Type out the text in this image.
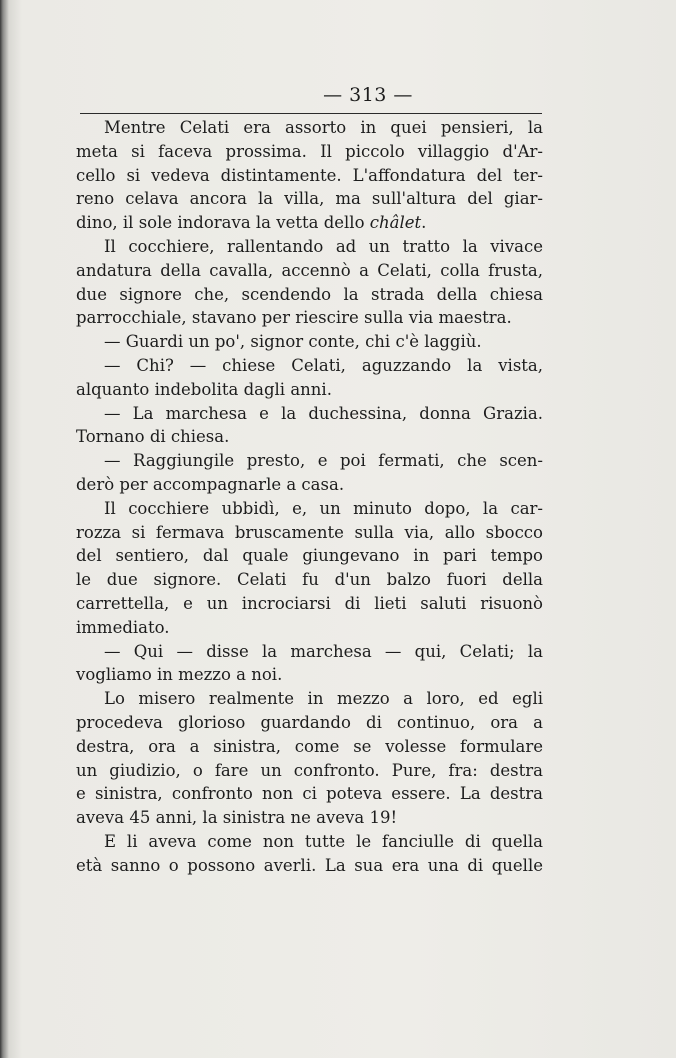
— 313 —
Mentre Celati era assorto in quei pensieri, la
meta si faceva prossima. Il piccolo villaggio d'Ar-
cello si vedeva distintamente. L'affondatura del ter-
reno celava ancora la villa, ma sull'altura del giar-
dino, il sole indorava la vetta dello châlet.
Il cocchiere, rallentando ad un tratto la vivace
andatura della cavalla, accennò a Celati, colla frusta,
due signore che, scendendo la strada della chiesa
parrocchiale, stavano per riescire sulla via maestra.
— Guardi un po', signor conte, chi c'è laggiù.
— Chi? — chiese Celati, aguzzando la vista,
alquanto indebolita dagli anni.
— La marchesa e la duchessina, donna Grazia.
Tornano di chiesa.
— Raggiungile presto, e poi fermati, che scen-
derò per accompagnarle a casa.
Il cocchiere ubbidì, e, un minuto dopo, la car-
rozza si fermava bruscamente sulla via, allo sbocco
del sentiero, dal quale giungevano in pari tempo
le due signore. Celati fu d'un balzo fuori della
carrettella, e un incrociarsi di lieti saluti risuonò
immediato.
— Qui — disse la marchesa — qui, Celati; la
vogliamo in mezzo a noi.
Lo misero realmente in mezzo a loro, ed egli
procedeva glorioso guardando di continuo, ora a
destra, ora a sinistra, come se volesse formulare
un giudizio, o fare un confronto. Pure, fra: destra
e sinistra, confronto non ci poteva essere. La destra
aveva 45 anni, la sinistra ne aveva 19!
E li aveva come non tutte le fanciulle di quella
età sanno o possono averli. La sua era una di quelle
